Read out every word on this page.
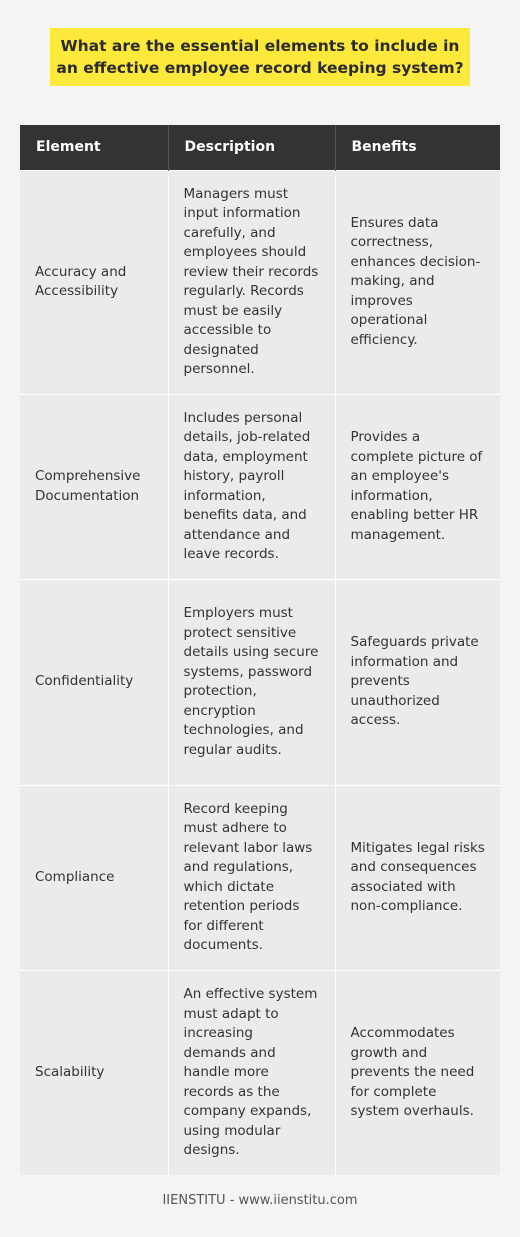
What are the essential elements to include in an effective employee record keeping system?
Element	Description	Benefits
Accuracy and Accessibility	Managers must input information carefully, and employees should review their records regularly. Records must be easily accessible to designated personnel.	Ensures data correctness, enhances decision-making, and improves operational efficiency.
Comprehensive Documentation	Includes personal details, job-related data, employment history, payroll information, benefits data, and attendance and leave records.	Provides a complete picture of an employee's information, enabling better HR management.
Confidentiality	Employers must protect sensitive details using secure systems, password protection, encryption technologies, and regular audits.	Safeguards private information and prevents unauthorized access.
Compliance	Record keeping must adhere to relevant labor laws and regulations, which dictate retention periods for different documents.	Mitigates legal risks and consequences associated with non-compliance.
Scalability	An effective system must adapt to increasing demands and handle more records as the company expands, using modular designs.	Accommodates growth and prevents the need for complete system overhauls.
IIENSTITU - www.iienstitu.com
